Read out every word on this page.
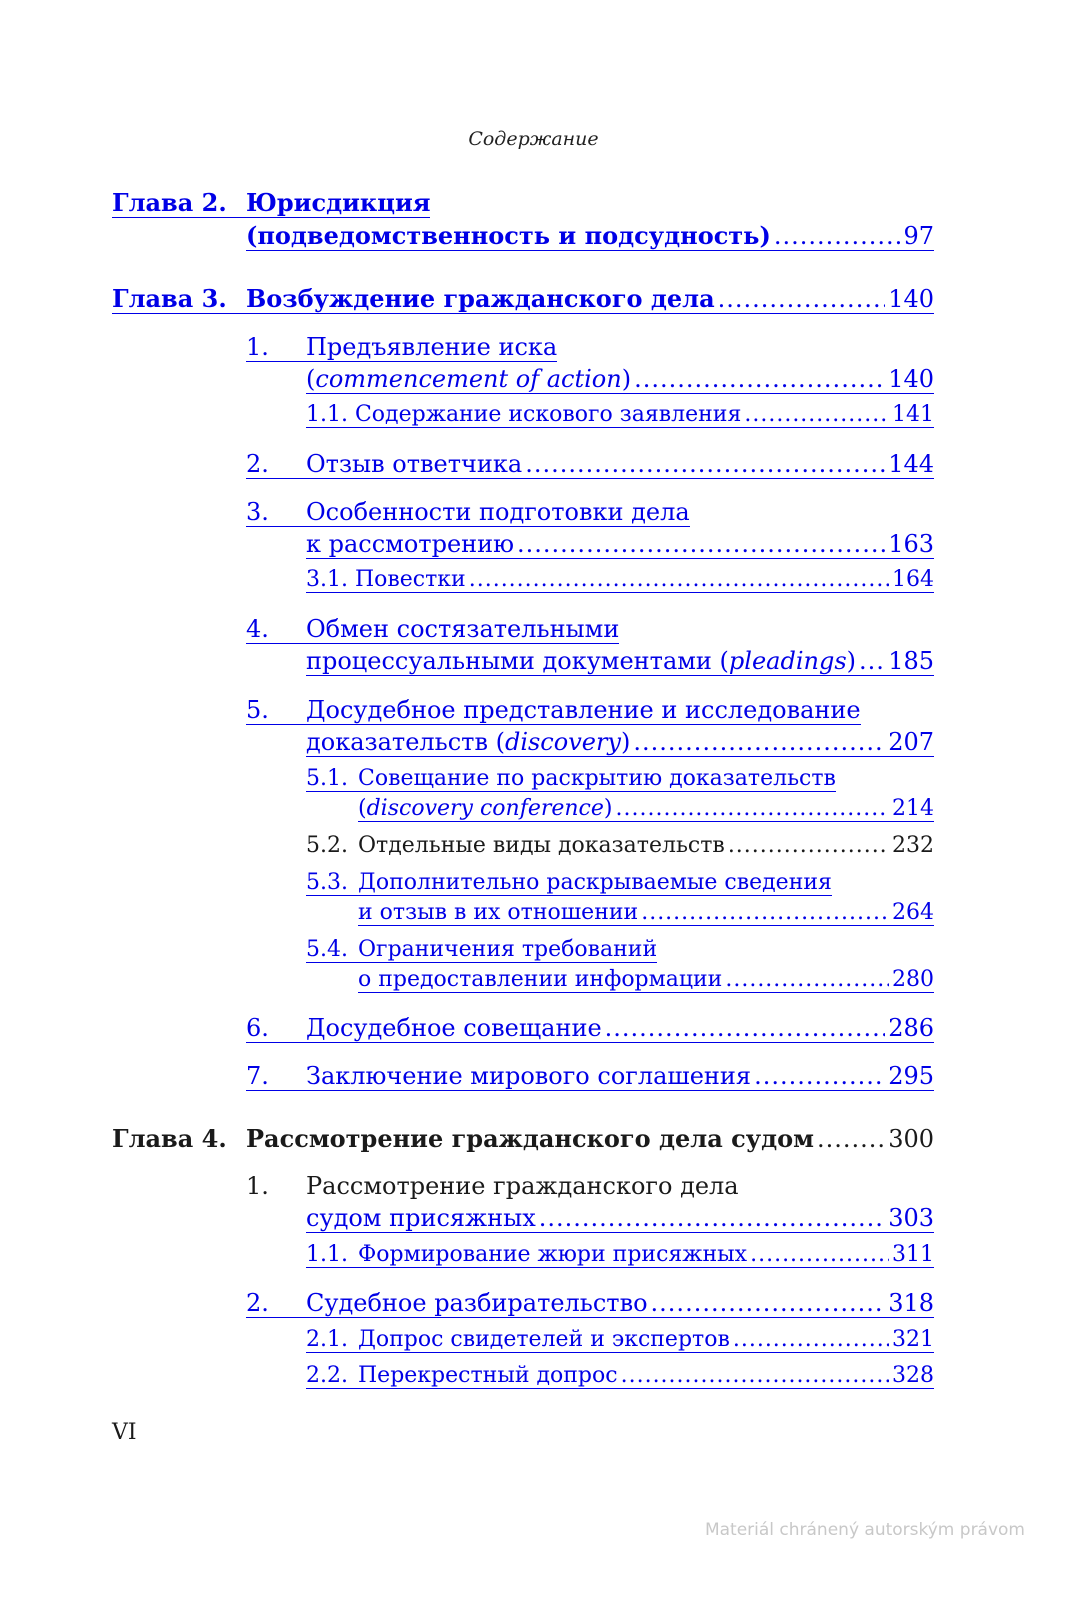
Содержание
Глава 2. Юрисдикция
(подведомственность и подсудность) .....	97
Глава 3. Возбуждение гражданского дела .....	140
1. Предъявление иска
(commencement of action) .....	140
1.1. Содержание искового заявления .....	141
2.	Отзыв ответчика .....	144
3. Особенности подготовки дела
к рассмотрению .....	163
3.1. Повестки .....	164
4. Обмен состязательными
процессуальными документами (pleadings) ..... 185
5. Досудебное представление и исследование
доказательств (discovery) .....	207
5.1. Совещание по раскрытию доказательств
(discovery conference) .....	214
5.2. Отдельные виды доказательств .....	232
5.3. Дополнительно раскрываемые сведения
и отзыв в их отношении .....	264
5.4. Ограничения требований
о предоставлении информации .....	280
6.	Досудебное совещание .....	286
7.	Заключение мирового соглашения .....	295
Глава 4. Рассмотрение гражданского дела судом .....	300
1. Рассмотрение гражданского дела
судом присяжных .....	303
1.1. Формирование жюри присяжных .....	311
2.	Судебное разбирательство .....	318
2.1. Допрос свидетелей и экспертов .....	321
2.2. Перекрестный допрос .....	328
VI
Materiál chránený autorským právom
